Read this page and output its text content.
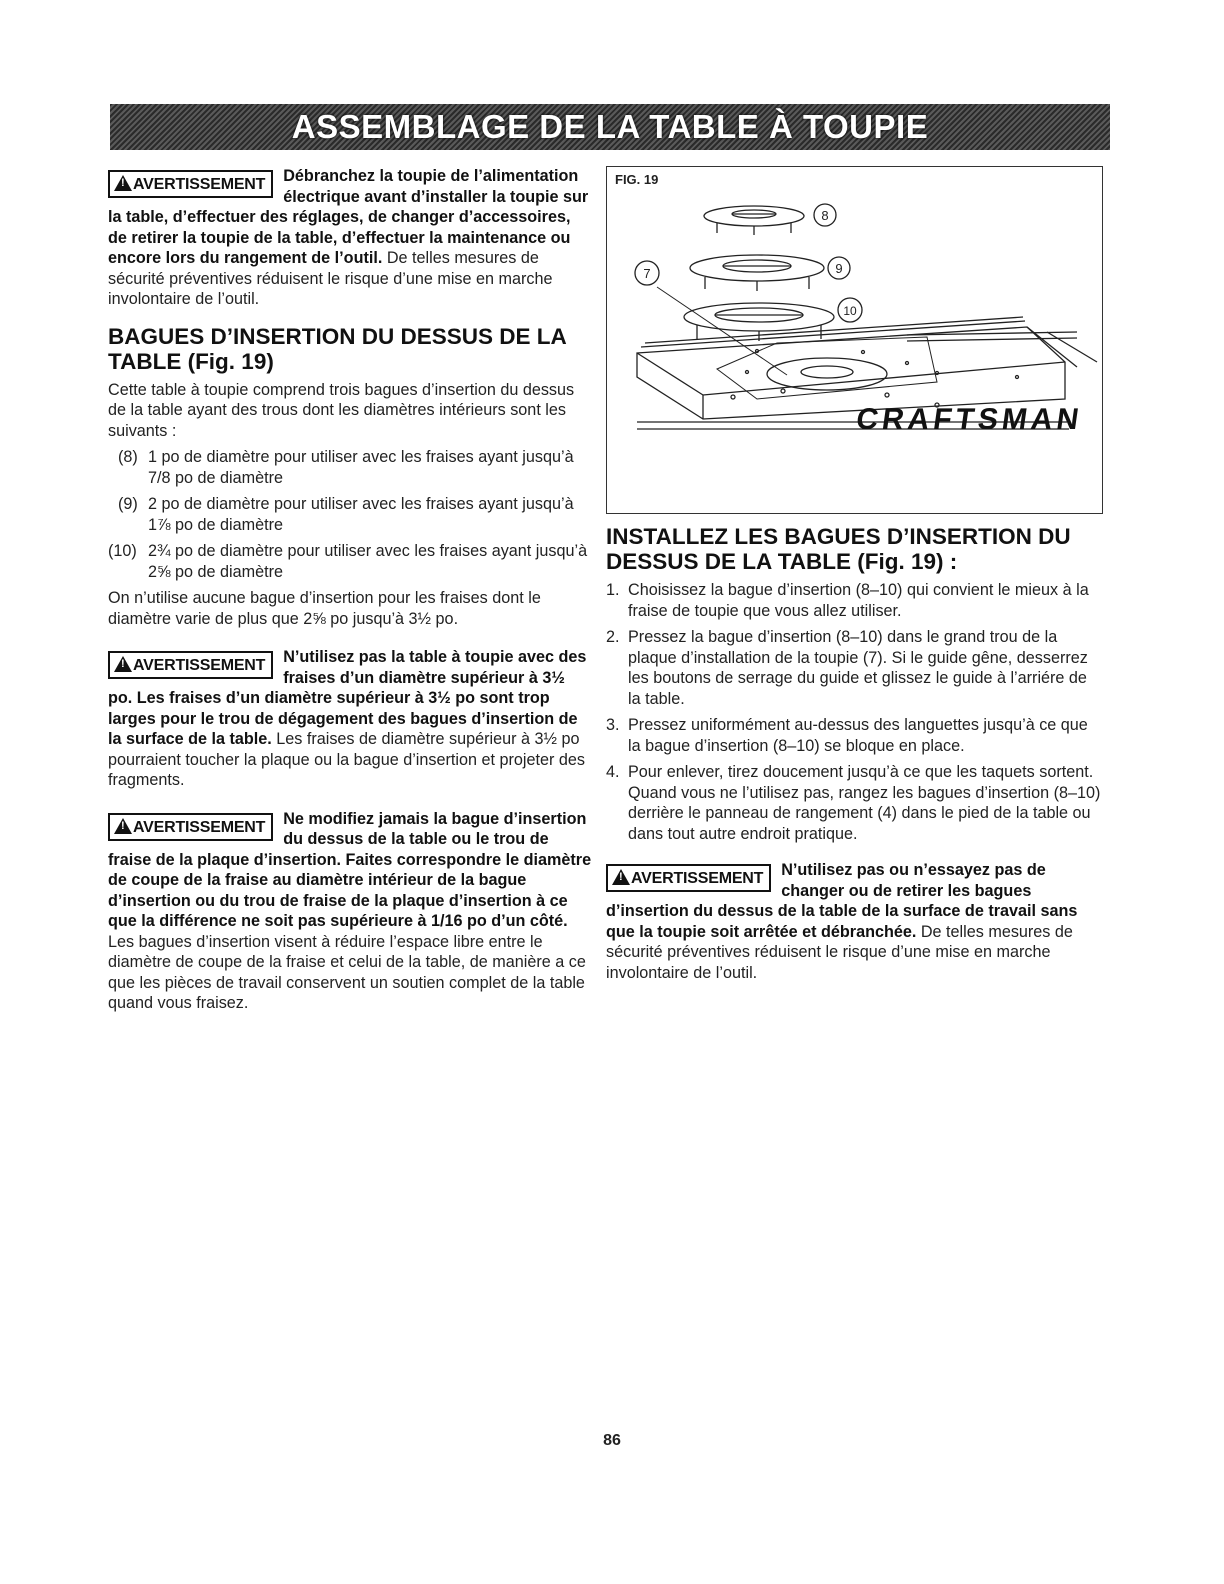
ASSEMBLAGE DE LA TABLE À TOUPIE

!AVERTISSEMENT	Débranchez la toupie de l’alimentation électrique avant d’installer la toupie sur la table, d’effectuer des réglages, de changer d’accessoires, de retirer la toupie de la table, d’effectuer la maintenance ou encore lors du rangement de l’outil. De telles mesures de sécurité préventives réduisent le risque d’une mise en marche involontaire de l’outil.

BAGUES D’INSERTION DU DESSUS DE LA TABLE (Fig. 19)

Cette table à toupie comprend trois bagues d’insertion du dessus de la table ayant des trous dont les diamètres intérieurs sont les suivants :

(8) 1 po de diamètre pour utiliser avec les fraises ayant jusqu’à 7/8 po de diamètre
(9) 2 po de diamètre pour utiliser avec les fraises ayant jusqu’à 1⅞ po de diamètre
(10) 2¾ po de diamètre pour utiliser avec les fraises ayant jusqu’à 2⅝ po de diamètre

On n’utilise aucune bague d’insertion pour les fraises dont le diamètre varie de plus que 2⅝ po jusqu’à 3½ po.

!AVERTISSEMENT	N’utilisez pas la table à toupie avec des fraises d’un diamètre supérieur à 3½ po. Les fraises d’un diamètre supérieur à 3½ po sont trop larges pour le trou de dégagement des bagues d’insertion de la surface de la table. Les fraises de diamètre supérieur à 3½ po pourraient toucher la plaque ou la bague d’insertion et projeter des fragments.

!AVERTISSEMENT	Ne modifiez jamais la bague d’insertion du dessus de la table ou le trou de fraise de la plaque d’insertion. Faites correspondre le diamètre de coupe de la fraise au diamètre intérieur de la bague d’insertion ou du trou de fraise de la plaque d’insertion à ce que la différence ne soit pas supérieure à 1/16 po d’un côté. Les bagues d’insertion visent à réduire l’espace libre entre le diamètre de coupe de la fraise et celui de la table, de manière a ce que les pièces de travail conservent un soutien complet de la table quand vous fraisez.

FIG. 19
CRAFTSMAN
8
9
10
7
INSTALLEZ LES BAGUES D’INSERTION DU DESSUS DE LA TABLE (Fig. 19) :
1. Choisissez la bague d’insertion (8–10) qui convient le mieux à la fraise de toupie que vous allez utiliser.
2. Pressez la bague d’insertion (8–10) dans le grand trou de la plaque d’installation de la toupie (7). Si le guide gêne, desserrez les boutons de serrage du guide et glissez le guide à l’arriére de la table.
3. Pressez uniformément au-dessus des languettes jusqu’à ce que la bague d’insertion (8–10) se bloque en place.
4. Pour enlever, tirez doucement jusqu’à ce que les taquets sortent. Quand vous ne l’utilisez pas, rangez les bagues d’insertion (8–10) derrière le panneau de rangement (4) dans le pied de la table ou dans tout autre endroit pratique.

!AVERTISSEMENT	N’utilisez pas ou n’essayez pas de changer ou de retirer les bagues d’insertion du dessus de la table de la surface de travail sans que la toupie soit arrêtée et débranchée. De telles mesures de sécurité préventives réduisent le risque d’une mise en marche involontaire de l’outil.

86
